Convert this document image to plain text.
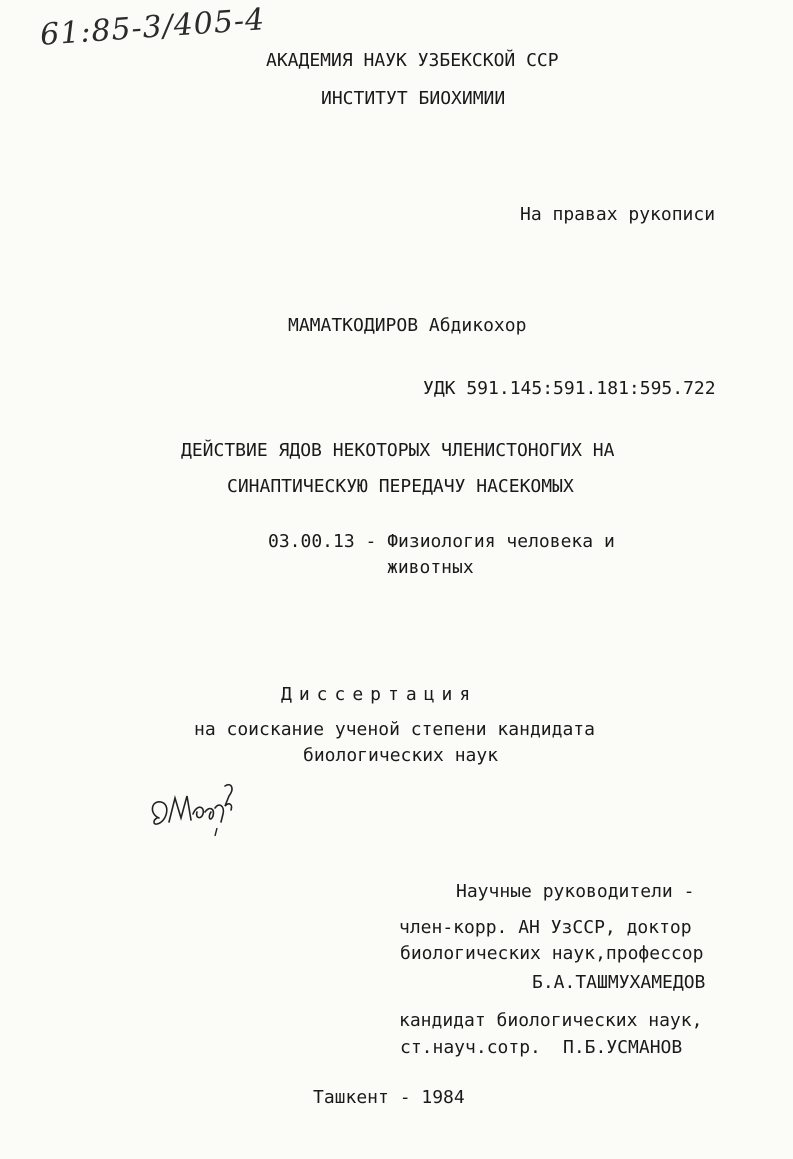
61:85-3/405-4
АКАДЕМИЯ НАУК УЗБЕКСКОЙ ССР
ИНСТИТУТ БИОХИМИИ
На правах рукописи
МАМАТКОДИРОВ Абдикохор
УДК 591.145:591.181:595.722
ДЕЙСТВИЕ ЯДОВ НЕКОТОРЫХ ЧЛЕНИСТОНОГИХ НА
СИНАПТИЧЕСКУЮ ПЕРЕДАЧУ НАСЕКОМЫХ
03.00.13 - Физиология человека и
животных
Диссертация
на соискание ученой степени кандидата
биологических наук
Научные руководители -
член-корр. АН УзССР, доктор
биологических наук,профессор
Б.А.ТАШМУХАМЕДОВ
кандидат биологических наук,
ст.науч.сотр. П.Б.УСМАНОВ
Ташкент - 1984
